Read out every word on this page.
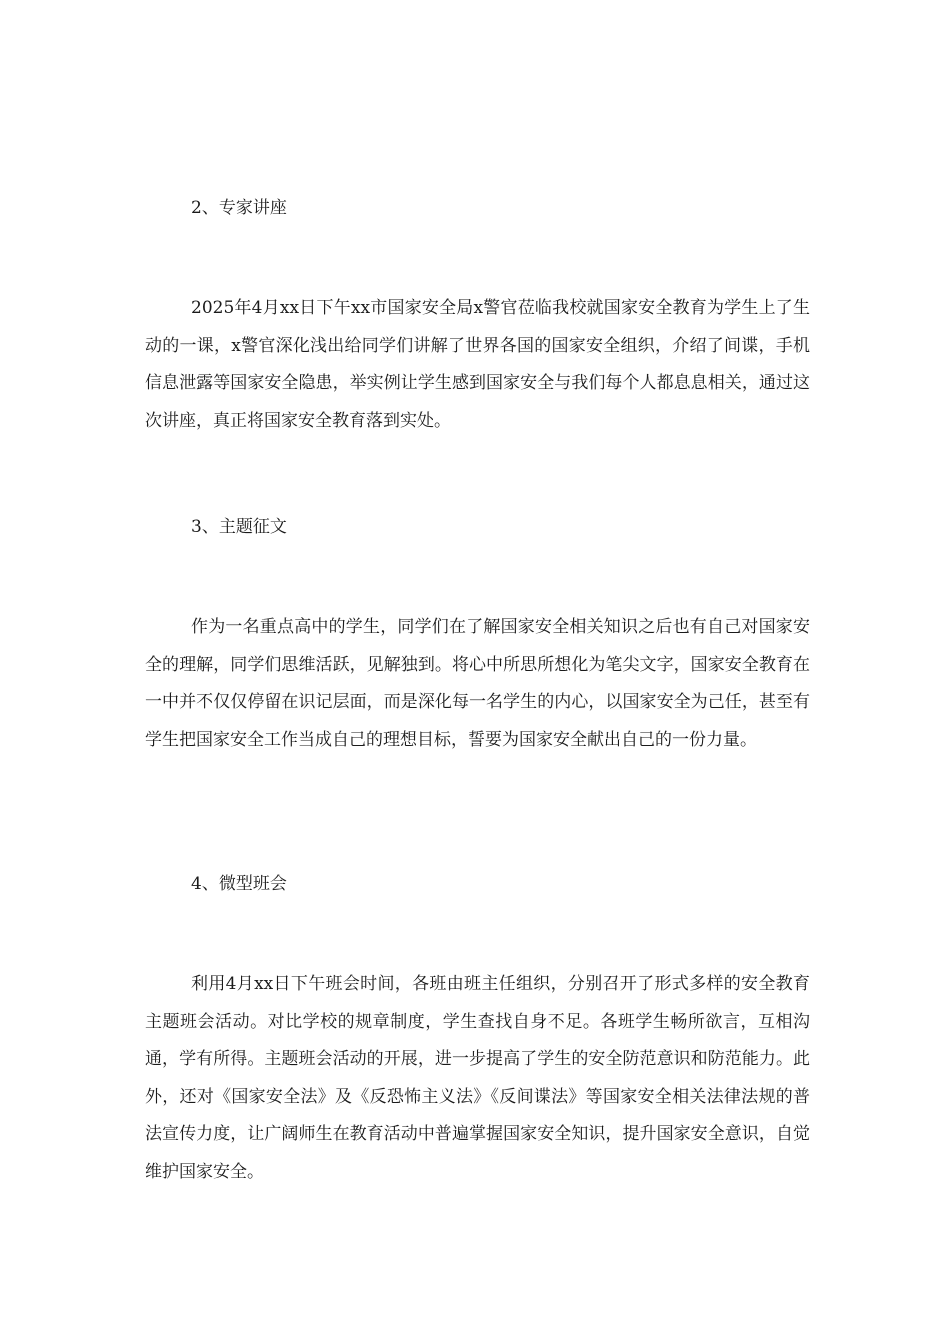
2、专家讲座

2025年4月xx日下午xx市国家安全局x警官莅临我校就国家安全教育为学生上了生动的一课，x警官深化浅出给同学们讲解了世界各国的国家安全组织，介绍了间谍，手机信息泄露等国家安全隐患，举实例让学生感到国家安全与我们每个人都息息相关，通过这次讲座，真正将国家安全教育落到实处。

3、主题征文

作为一名重点高中的学生，同学们在了解国家安全相关知识之后也有自己对国家安全的理解，同学们思维活跃，见解独到。将心中所思所想化为笔尖文字，国家安全教育在一中并不仅仅停留在识记层面，而是深化每一名学生的内心，以国家安全为己任，甚至有学生把国家安全工作当成自己的理想目标，誓要为国家安全献出自己的一份力量。

4、微型班会

利用4月xx日下午班会时间，各班由班主任组织，分别召开了形式多样的安全教育主题班会活动。对比学校的规章制度，学生查找自身不足。各班学生畅所欲言，互相沟通，学有所得。主题班会活动的开展，进一步提高了学生的安全防范意识和防范能力。此外，还对《国家安全法》及《反恐怖主义法》《反间谍法》等国家安全相关法律法规的普法宣传力度，让广阔师生在教育活动中普遍掌握国家安全知识，提升国家安全意识，自觉维护国家安全。
